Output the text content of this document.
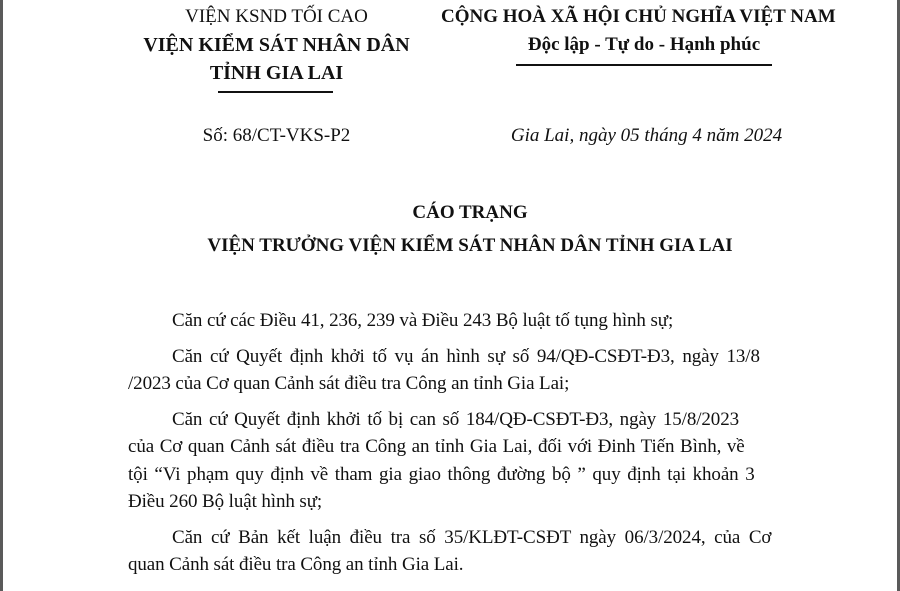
VIỆN KSND TỐI CAO
VIỆN KIỂM SÁT NHÂN DÂN
TỈNH GIA LAI
Số: 68/CT-VKS-P2
CỘNG HOÀ XÃ HỘI CHỦ NGHĨA VIỆT NAM
Độc lập - Tự do - Hạnh phúc
Gia Lai, ngày 05 tháng 4 năm 2024
CÁO TRẠNG
VIỆN TRƯỞNG VIỆN KIỂM SÁT NHÂN DÂN TỈNH GIA LAI
Căn cứ các Điều 41, 236, 239 và Điều 243 Bộ luật tố tụng hình sự;
Căn cứ Quyết định khởi tố vụ án hình sự số 94/QĐ-CSĐT-Đ3, ngày 13/8
/2023 của Cơ quan Cảnh sát điều tra Công an tỉnh Gia Lai;
Căn cứ Quyết định khởi tố bị can số 184/QĐ-CSĐT-Đ3, ngày 15/8/2023
của Cơ quan Cảnh sát điều tra Công an tỉnh Gia Lai, đối với Đinh Tiến Bình, về
tội “Vi phạm quy định về tham gia giao thông đường bộ ” quy định tại khoản 3
Điều 260 Bộ luật hình sự;
Căn cứ Bản kết luận điều tra số 35/KLĐT-CSĐT ngày 06/3/2024, của Cơ
quan Cảnh sát điều tra Công an tỉnh Gia Lai.
